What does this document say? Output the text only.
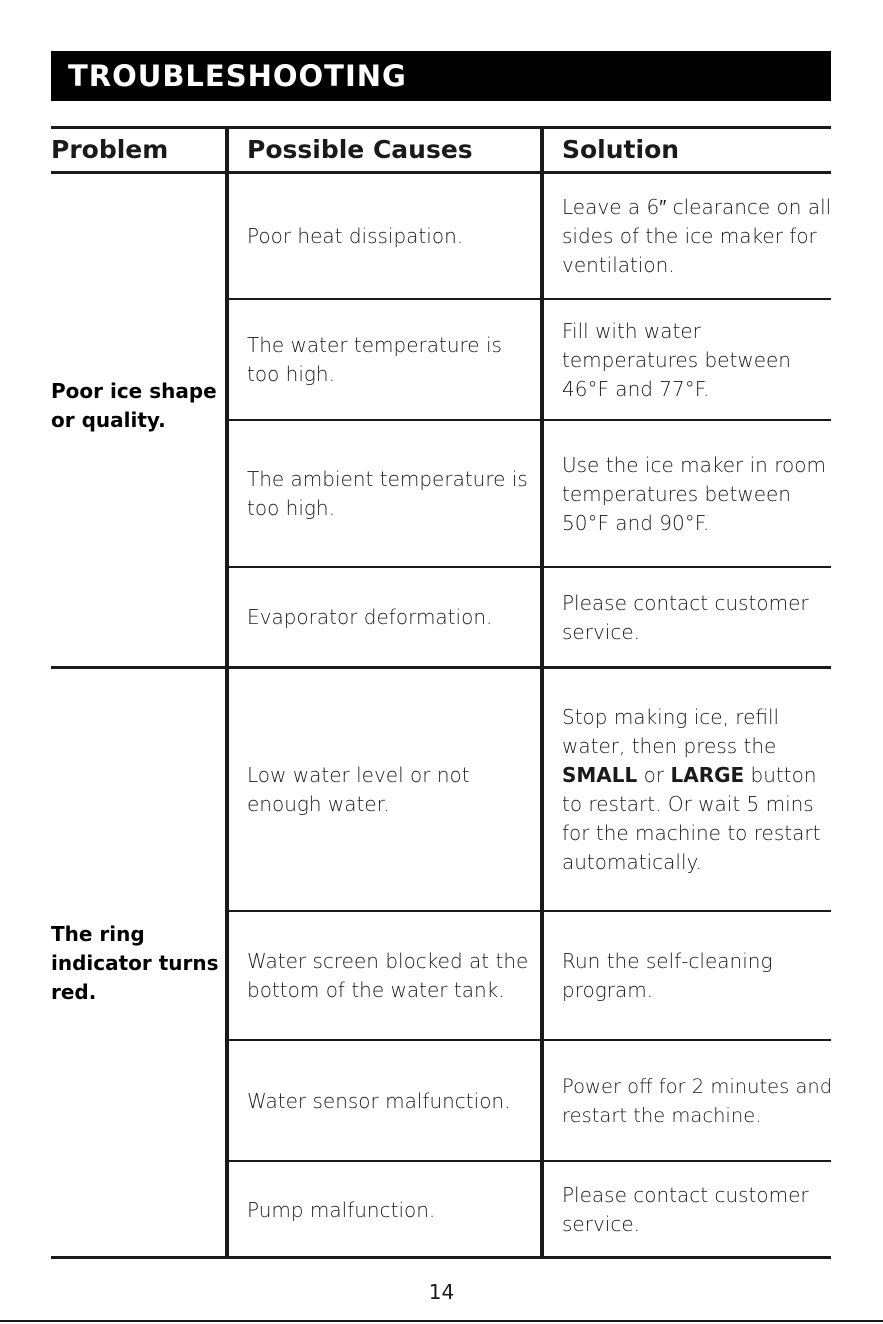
TROUBLESHOOTING
Problem	Possible Causes	Solution
Poor ice shape or quality.
Poor heat dissipation.
Leave a 6″ clearance on all sides of the ice maker for ventilation.
The water temperature is too high.
Fill with water temperatures between 46°F and 77°F.
The ambient temperature is too high.
Use the ice maker in room temperatures between 50°F and 90°F.
Evaporator deformation.
Please contact customer service.
The ring indicator turns red.
Low water level or not enough water.
Stop making ice, refill water, then press the SMALL or LARGE button to restart. Or wait 5 mins for the machine to restart automatically.
Water screen blocked at the bottom of the water tank.
Run the self-cleaning program.
Water sensor malfunction.
Power off for 2 minutes and restart the machine.
Pump malfunction.
Please contact customer service.
14
